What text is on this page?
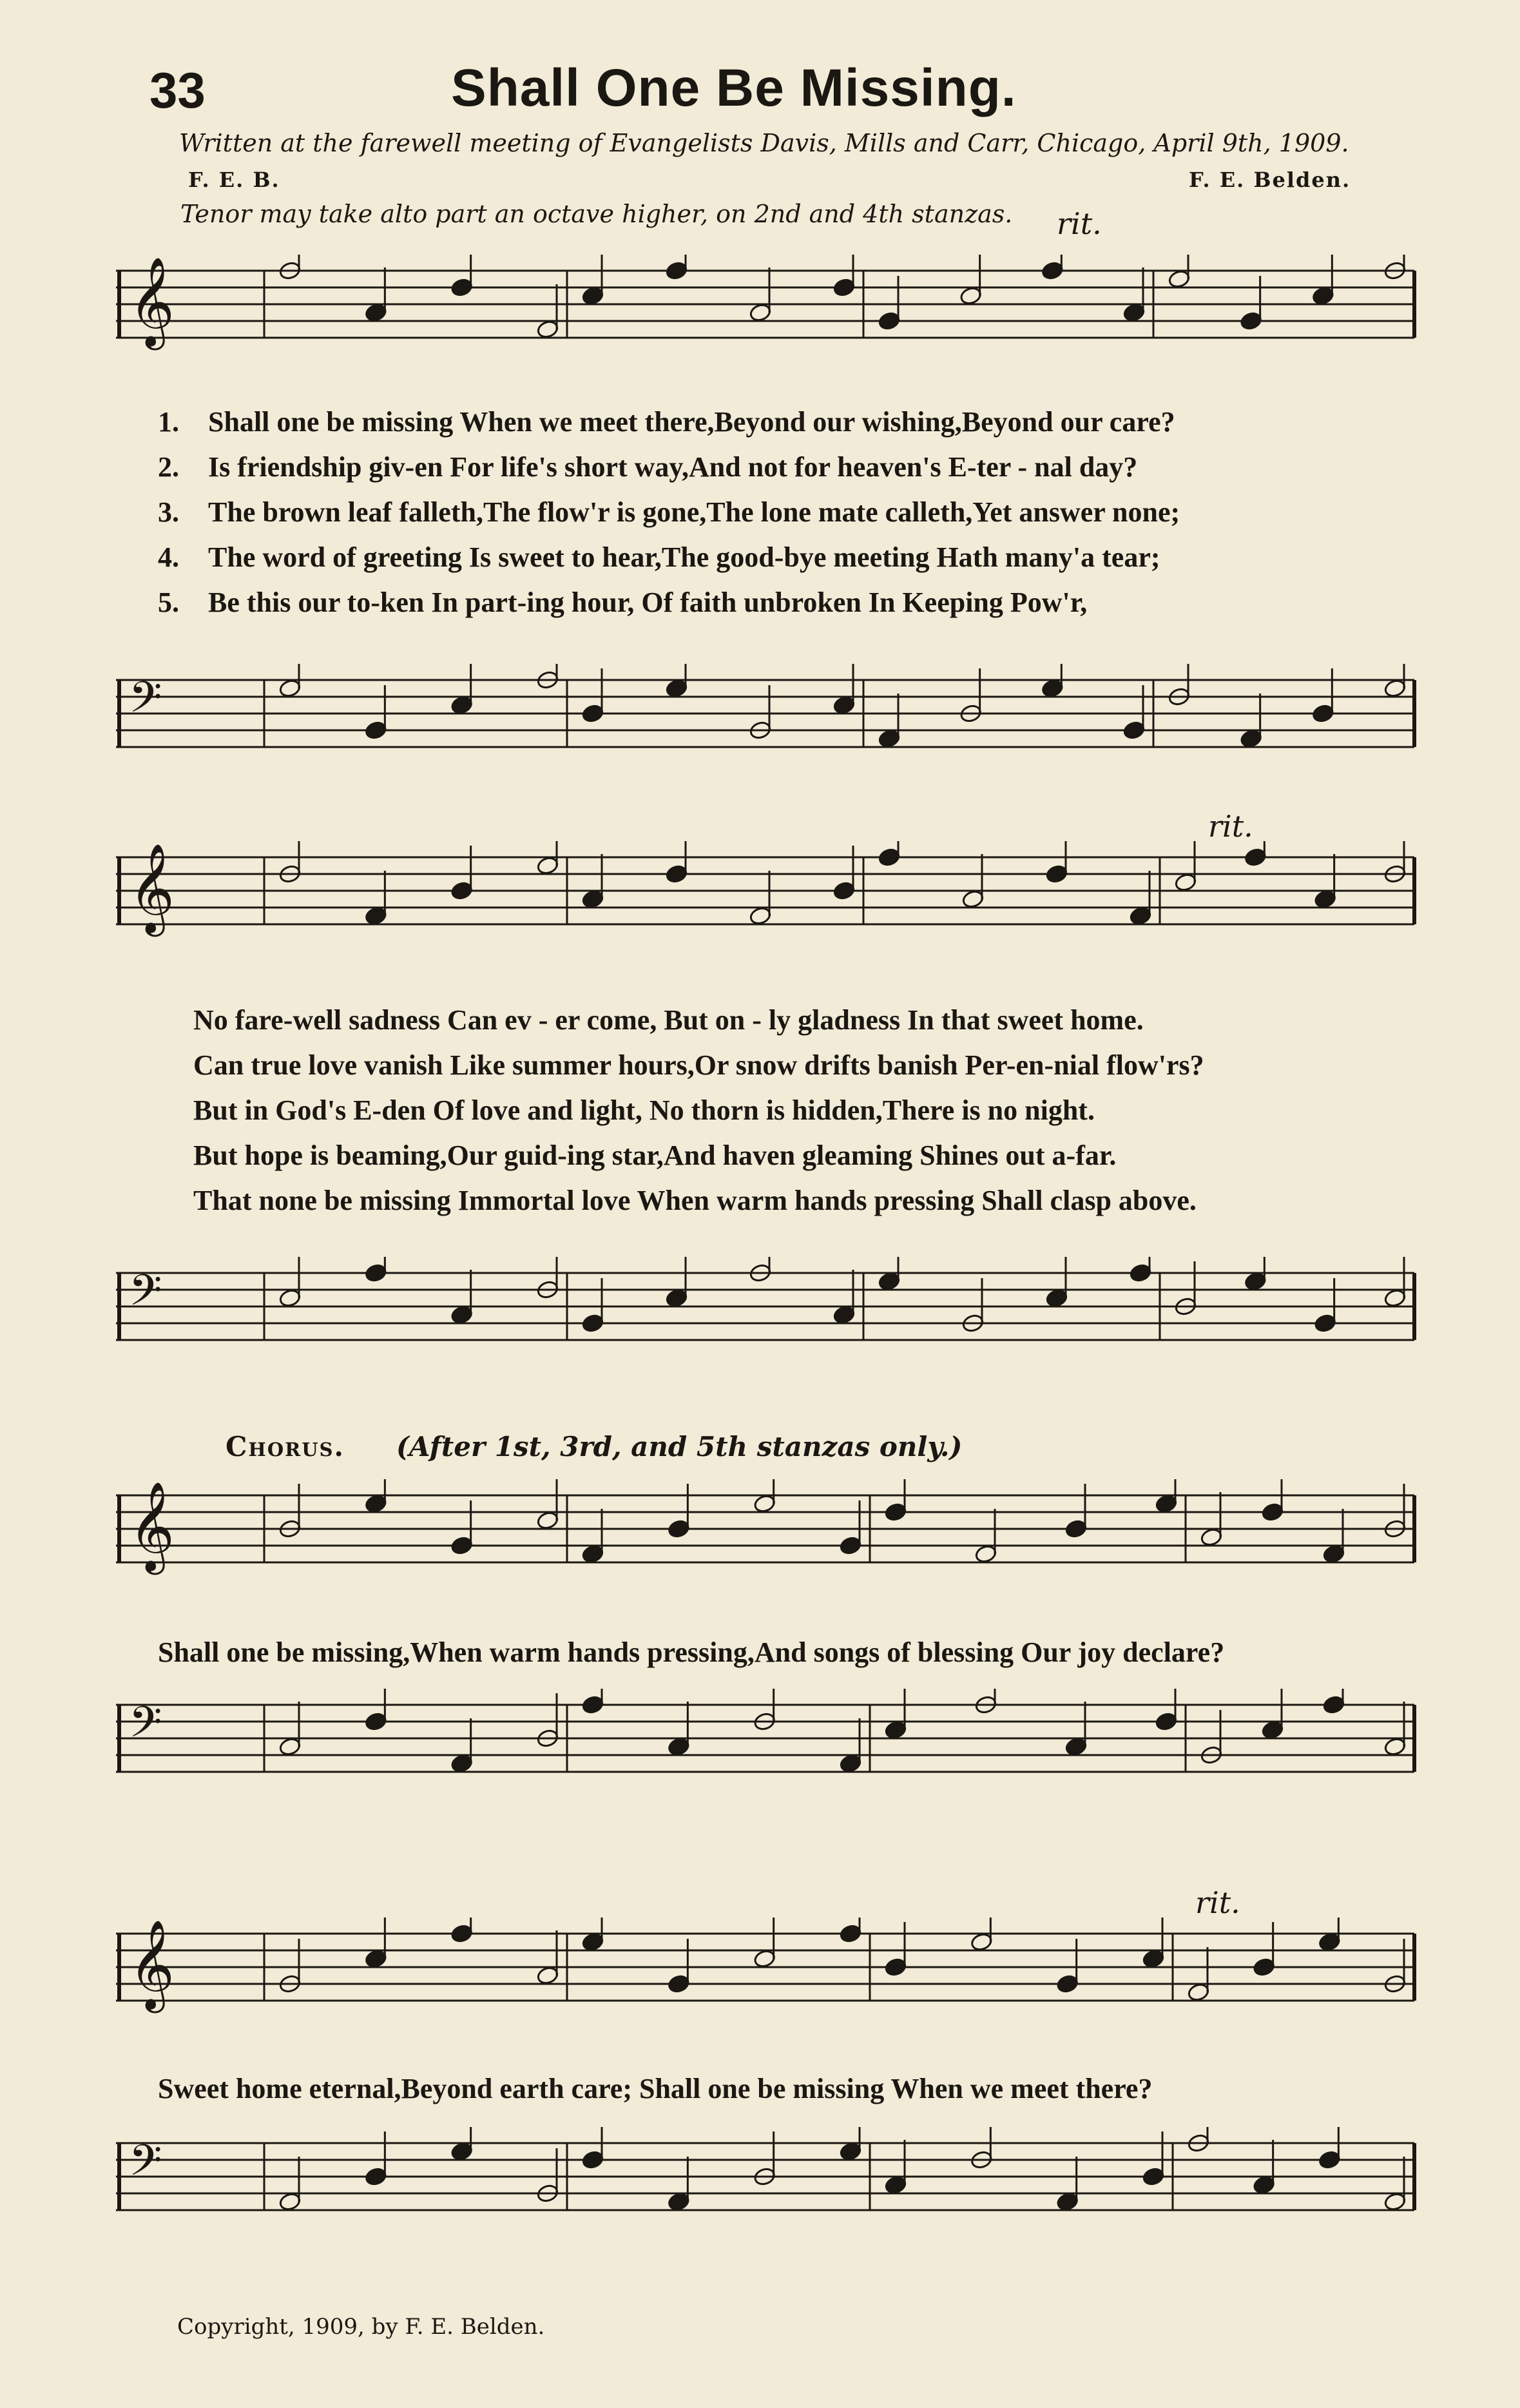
33	Shall One Be Missing.
Written at the farewell meeting of Evangelists Davis, Mills and Carr, Chicago, April 9th, 1909.
F. E. B.	F. E. Belden.
Tenor may take alto part an octave higher, on 2nd and 4th stanzas. rit.
rit.
rit.
𝄞
𝄢
𝄞
𝄢
𝄞
𝄢
𝄞
𝄢
1. Shall one be missing When we meet there,Beyond our wishing,Beyond our care?
2. Is friendship giv-en For life's short way,And not for heaven's E-ter - nal day?
3. The brown leaf falleth,The flow'r is gone,The lone mate calleth,Yet answer none;
4. The word of greeting Is sweet to hear,The good-bye meeting Hath many'a tear;
5. Be this our to-ken In part-ing hour, Of faith unbroken In Keeping Pow'r,
No fare-well sadness Can ev - er come, But on - ly gladness In that sweet home.
Can true love vanish Like summer hours,Or snow drifts banish Per-en-nial flow'rs?
But in God's E-den Of love and light, No thorn is hidden,There is no night.
But hope is beaming,Our guid-ing star,And haven gleaming Shines out a-far.
That none be missing Immortal love When warm hands pressing Shall clasp above.
Chorus. (After 1st, 3rd, and 5th stanzas only.)
Shall one be missing,When warm hands pressing,And songs of blessing Our joy declare?
Sweet home eternal,Beyond earth care; Shall one be missing When we meet there?
Copyright, 1909, by F. E. Belden.
